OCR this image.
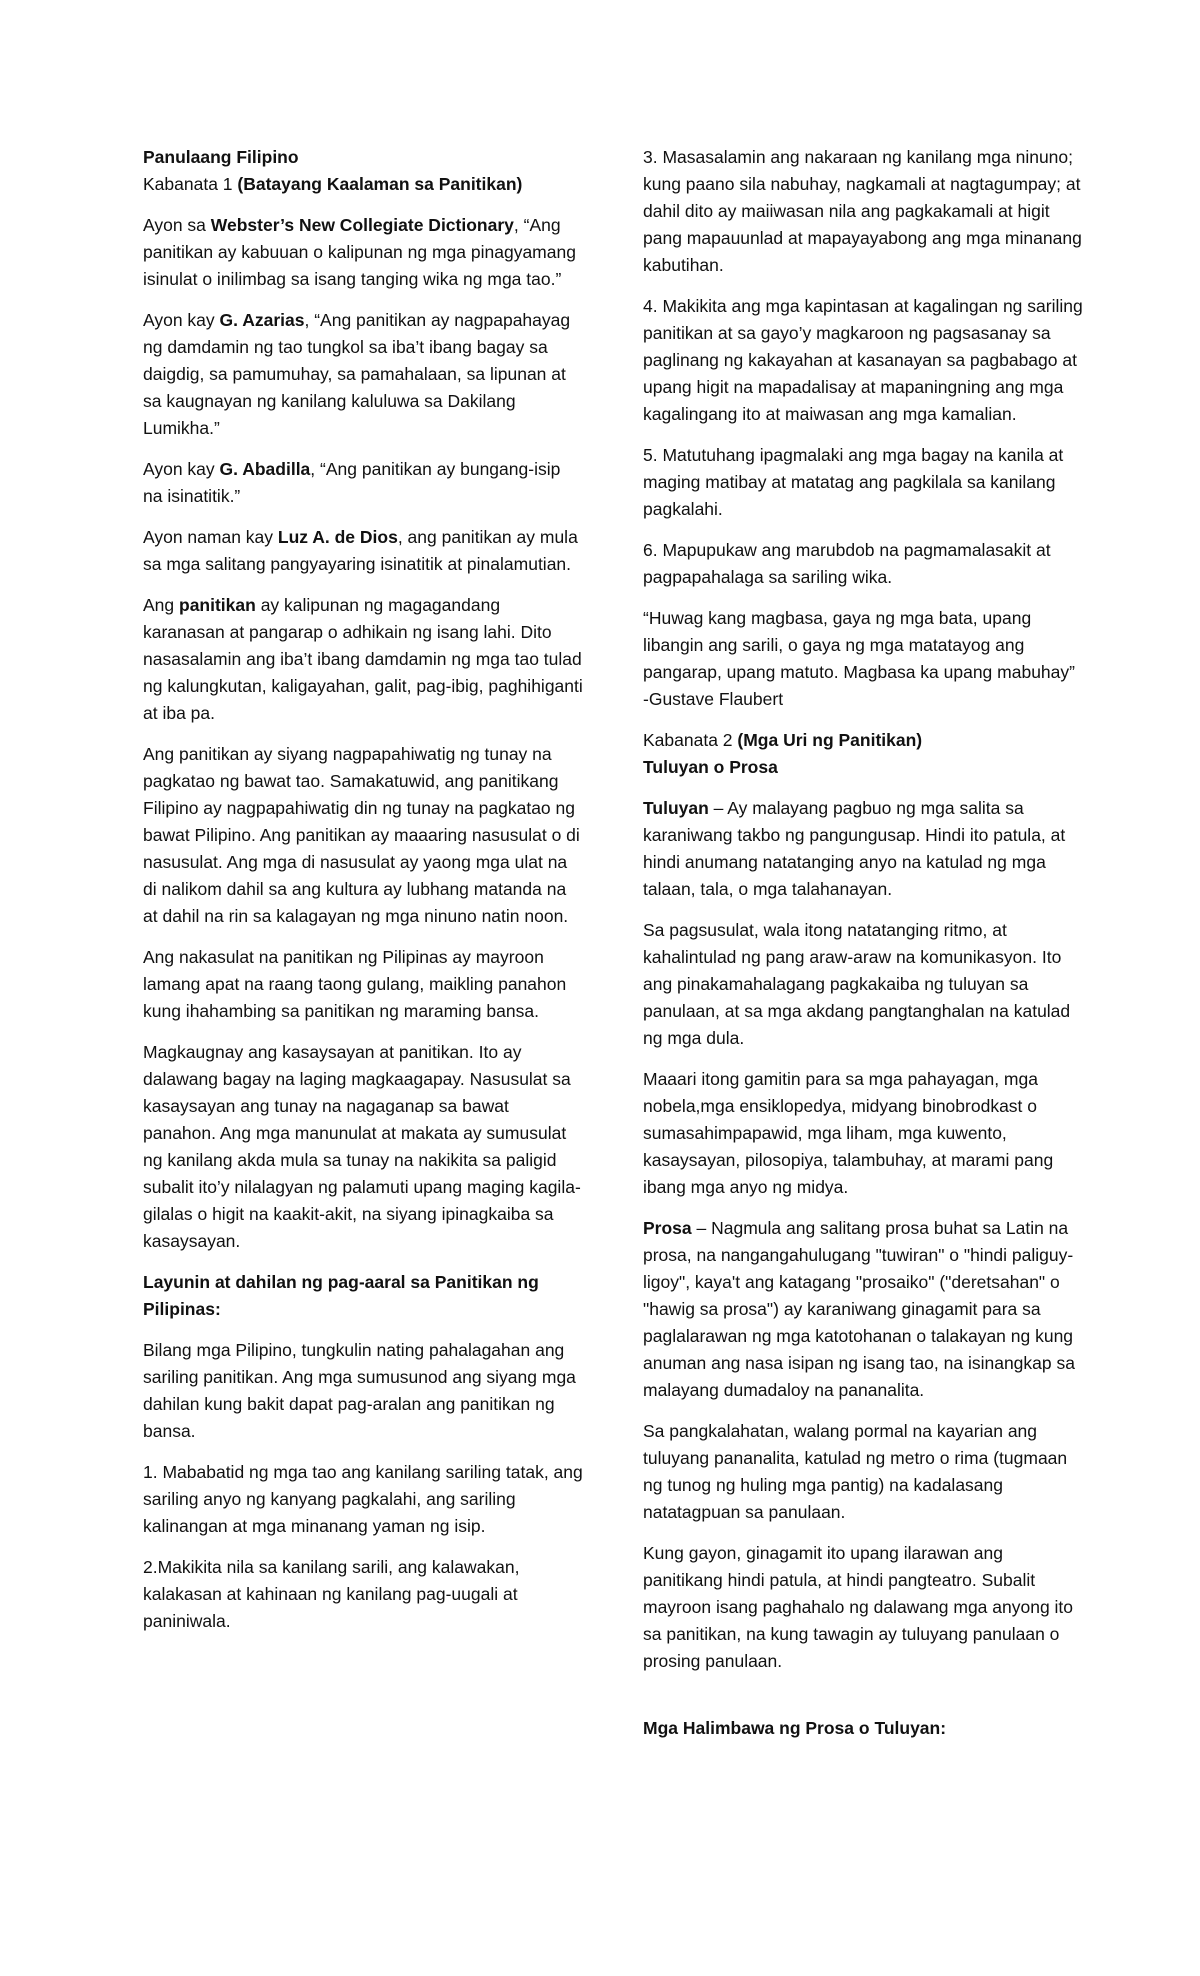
Panulaang Filipino
Kabanata 1 (Batayang Kaalaman sa Panitikan)

Ayon sa Webster’s New Collegiate Dictionary, “Ang panitikan ay kabuuan o kalipunan ng mga pinagyamang isinulat o inilimbag sa isang tanging wika ng mga tao.”

Ayon kay G. Azarias, “Ang panitikan ay nagpapahayag ng damdamin ng tao tungkol sa iba’t ibang bagay sa daigdig, sa pamumuhay, sa pamahalaan, sa lipunan at sa kaugnayan ng kanilang kaluluwa sa Dakilang Lumikha.”

Ayon kay G. Abadilla, “Ang panitikan ay bungang-isip na isinatitik.”

Ayon naman kay Luz A. de Dios, ang panitikan ay mula sa mga salitang pangyayaring isinatitik at pinalamutian.

Ang panitikan ay kalipunan ng magagandang karanasan at pangarap o adhikain ng isang lahi. Dito nasasalamin ang iba’t ibang damdamin ng mga tao tulad ng kalungkutan, kaligayahan, galit, pag-ibig, paghihiganti at iba pa.

Ang panitikan ay siyang nagpapahiwatig ng tunay na pagkatao ng bawat tao. Samakatuwid, ang panitikang Filipino ay nagpapahiwatig din ng tunay na pagkatao ng bawat Pilipino. Ang panitikan ay maaaring nasusulat o di nasusulat. Ang mga di nasusulat ay yaong mga ulat na di nalikom dahil sa ang kultura ay lubhang matanda na at dahil na rin sa kalagayan ng mga ninuno natin noon.

Ang nakasulat na panitikan ng Pilipinas ay mayroon lamang apat na raang taong gulang, maikling panahon kung ihahambing sa panitikan ng maraming bansa.

Magkaugnay ang kasaysayan at panitikan. Ito ay dalawang bagay na laging magkaagapay. Nasusulat sa kasaysayan ang tunay na nagaganap sa bawat panahon. Ang mga manunulat at makata ay sumusulat ng kanilang akda mula sa tunay na nakikita sa paligid subalit ito’y nilalagyan ng palamuti upang maging kagila-gilalas o higit na kaakit-akit, na siyang ipinagkaiba sa kasaysayan.

Layunin at dahilan ng pag-aaral sa Panitikan ng Pilipinas:

Bilang mga Pilipino, tungkulin nating pahalagahan ang sariling panitikan. Ang mga sumusunod ang siyang mga dahilan kung bakit dapat pag-aralan ang panitikan ng bansa.

1. Mababatid ng mga tao ang kanilang sariling tatak, ang sariling anyo ng kanyang pagkalahi, ang sariling kalinangan at mga minanang yaman ng isip.

2.Makikita nila sa kanilang sarili, ang kalawakan, kalakasan at kahinaan ng kanilang pag-uugali at paniniwala.

3. Masasalamin ang nakaraan ng kanilang mga ninuno; kung paano sila nabuhay, nagkamali at nagtagumpay; at dahil dito ay maiiwasan nila ang pagkakamali at higit pang mapauunlad at mapayayabong ang mga minanang kabutihan.

4. Makikita ang mga kapintasan at kagalingan ng sariling panitikan at sa gayo’y magkaroon ng pagsasanay sa paglinang ng kakayahan at kasanayan sa pagbabago at upang higit na mapadalisay at mapaningning ang mga kagalingang ito at maiwasan ang mga kamalian.

5. Matutuhang ipagmalaki ang mga bagay na kanila at maging matibay at matatag ang pagkilala sa kanilang pagkalahi.

6. Mapupukaw ang marubdob na pagmamalasakit at pagpapahalaga sa sariling wika.

“Huwag kang magbasa, gaya ng mga bata, upang libangin ang sarili, o gaya ng mga matatayog ang pangarap, upang matuto. Magbasa ka upang mabuhay” -Gustave Flaubert

Kabanata 2 (Mga Uri ng Panitikan)
Tuluyan o Prosa

Tuluyan – Ay malayang pagbuo ng mga salita sa karaniwang takbo ng pangungusap. Hindi ito patula, at hindi anumang natatanging anyo na katulad ng mga talaan, tala, o mga talahanayan.

Sa pagsusulat, wala itong natatanging ritmo, at kahalintulad ng pang araw-araw na komunikasyon. Ito ang pinakamahalagang pagkakaiba ng tuluyan sa panulaan, at sa mga akdang pangtanghalan na katulad ng mga dula.

Maaari itong gamitin para sa mga pahayagan, mga nobela,mga ensiklopedya, midyang binobrodkast o sumasahimpapawid, mga liham, mga kuwento, kasaysayan, pilosopiya, talambuhay, at marami pang ibang mga anyo ng midya.

Prosa – Nagmula ang salitang prosa buhat sa Latin na prosa, na nangangahulugang "tuwiran" o "hindi paliguy-ligoy", kaya't ang katagang "prosaiko" ("deretsahan" o "hawig sa prosa") ay karaniwang ginagamit para sa paglalarawan ng mga katotohanan o talakayan ng kung anuman ang nasa isipan ng isang tao, na isinangkap sa malayang dumadaloy na pananalita.

Sa pangkalahatan, walang pormal na kayarian ang tuluyang pananalita, katulad ng metro o rima (tugmaan ng tunog ng huling mga pantig) na kadalasang natatagpuan sa panulaan.

Kung gayon, ginagamit ito upang ilarawan ang panitikang hindi patula, at hindi pangteatro. Subalit mayroon isang paghahalo ng dalawang mga anyong ito sa panitikan, na kung tawagin ay tuluyang panulaan o prosing panulaan.

Mga Halimbawa ng Prosa o Tuluyan:
